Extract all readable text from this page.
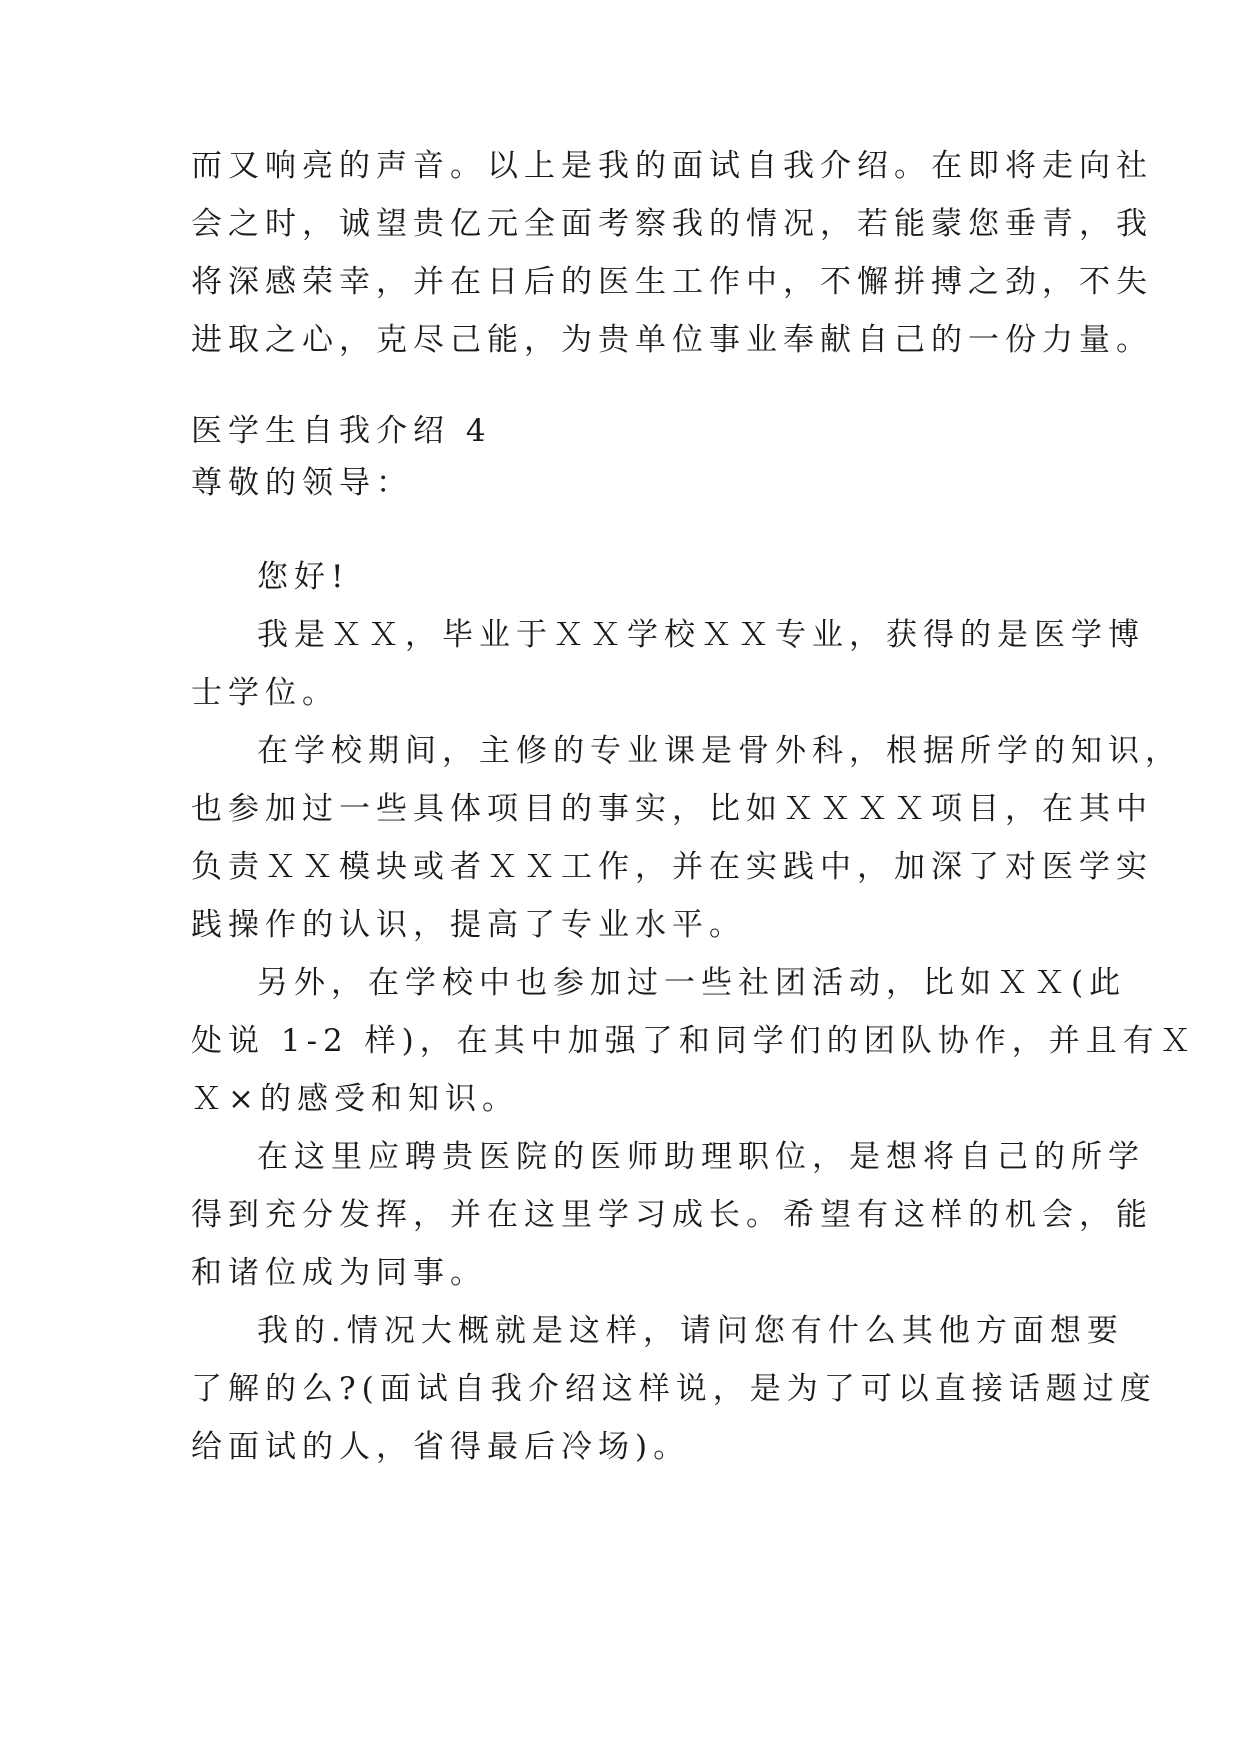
而又响亮的声音。以上是我的面试自我介绍。在即将走向社
会之时，诚望贵亿元全面考察我的情况，若能蒙您垂青，我
将深感荣幸，并在日后的医生工作中，不懈拼搏之劲，不失
进取之心，克尽己能，为贵单位事业奉献自己的一份力量。
医学生自我介绍 4
尊敬的领导：
您好!
我是ＸＸ，毕业于ＸＸ学校ＸＸ专业，获得的是医学博
士学位。
在学校期间，主修的专业课是骨外科，根据所学的知识，
也参加过一些具体项目的事实，比如ＸＸＸＸ项目，在其中
负责ＸＸ模块或者ＸＸ工作，并在实践中，加深了对医学实
践操作的认识，提高了专业水平。
另外，在学校中也参加过一些社团活动，比如ＸＸ(此
处说 1-2 样)，在其中加强了和同学们的团队协作，并且有Ｘ
Ｘ×的感受和知识。
在这里应聘贵医院的医师助理职位，是想将自己的所学
得到充分发挥，并在这里学习成长。希望有这样的机会，能
和诸位成为同事。
我的.情况大概就是这样，请问您有什么其他方面想要
了解的么?(面试自我介绍这样说，是为了可以直接话题过度
给面试的人，省得最后冷场)。
